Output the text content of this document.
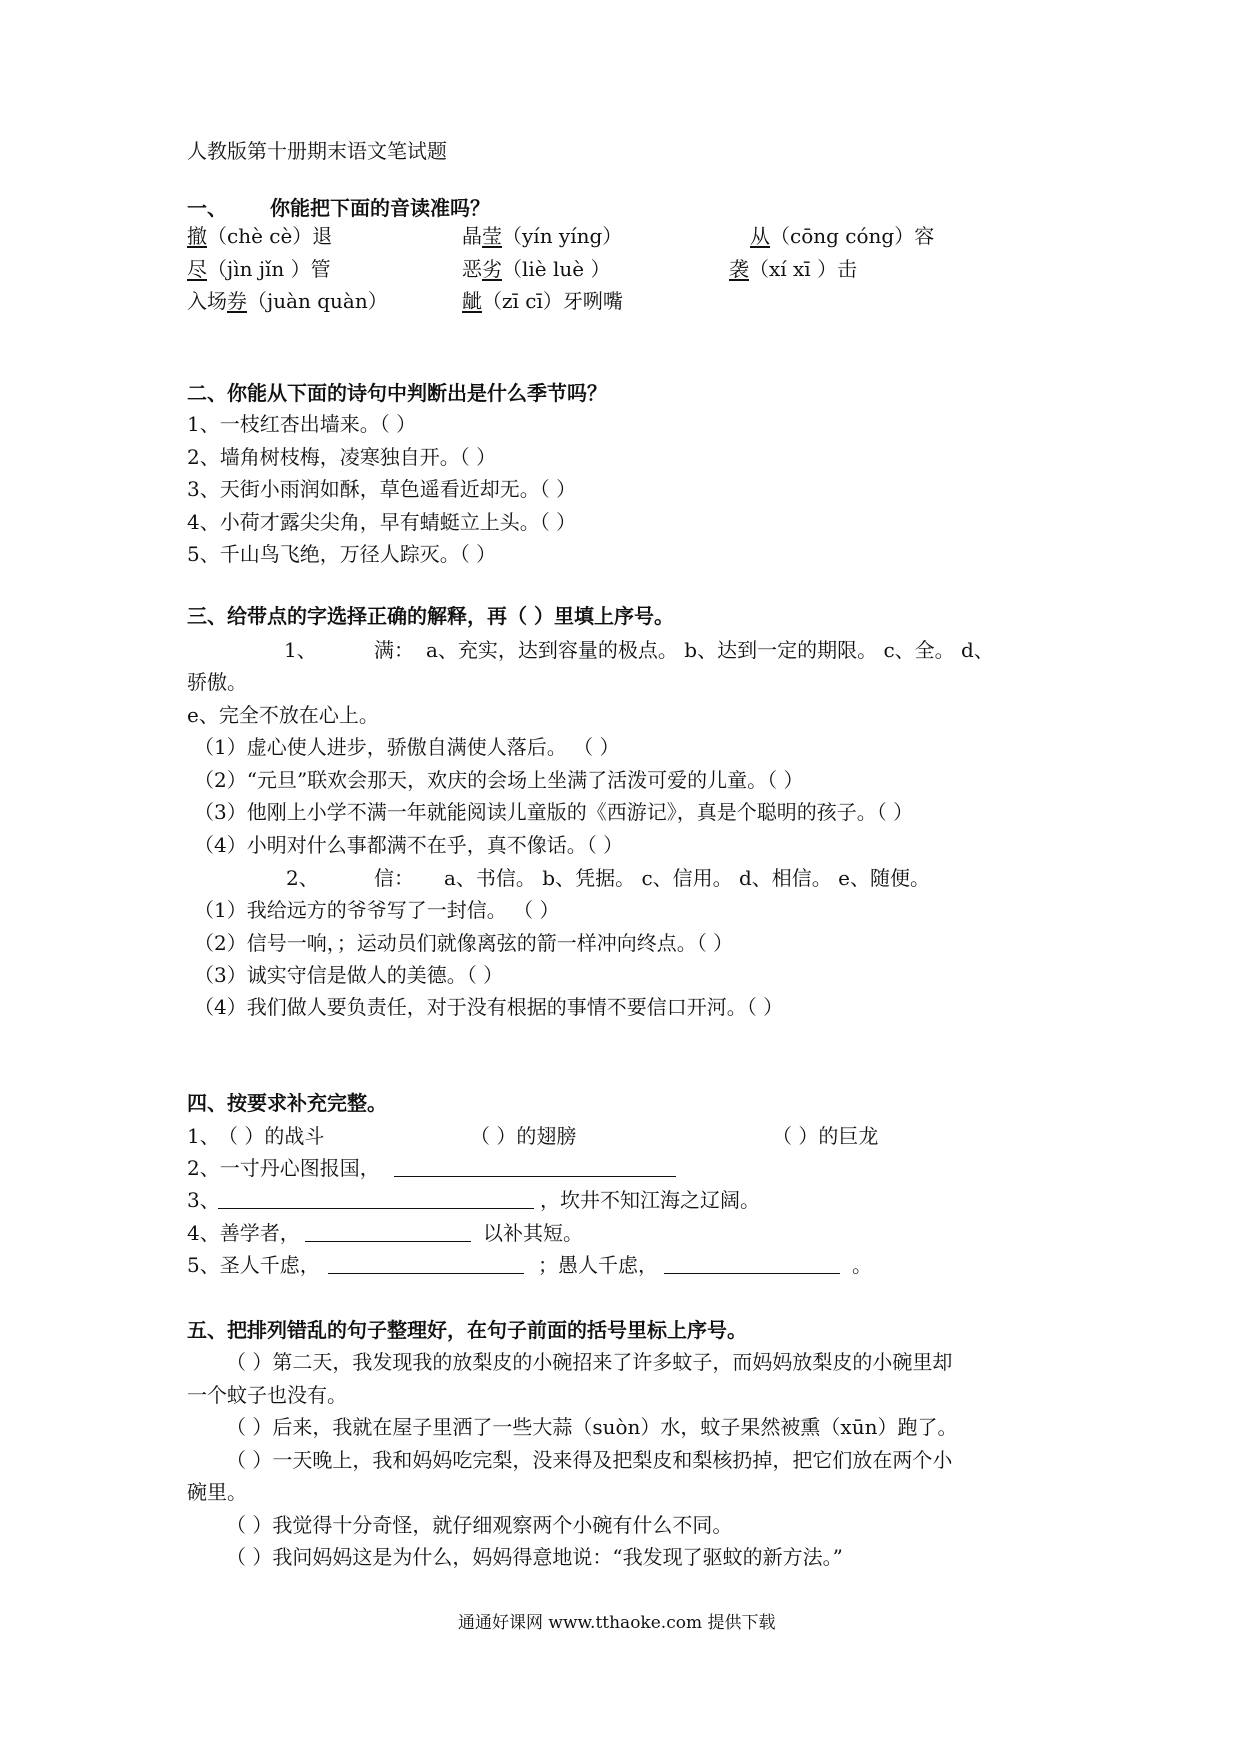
人教版第十册期末语文笔试题
一、 你能把下面的音读准吗？
撤（chè cè）退	晶莹（yín yíng）	从（cōng cóng）容
尽（jìn jǐn ）管	恶劣（liè luè ）	袭（xí xī ）击
入场券（juàn quàn）	龇（zī cī）牙咧嘴
二、你能从下面的诗句中判断出是什么季节吗？
1、一枝红杏出墙来。（ ）
2、墙角树枝梅，凌寒独自开。（ ）
3、天街小雨润如酥，草色遥看近却无。（ ）
4、小荷才露尖尖角，早有蜻蜓立上头。（ ）
5、千山鸟飞绝，万径人踪灭。（ ）
三、给带点的字选择正确的解释，再（ ）里填上序号。
1、	满： a、充实，达到容量的极点。 b、达到一定的期限。 c、全。 d、
骄傲。
e、完全不放在心上。
（1）虚心使人进步，骄傲自满使人落后。 （ ）
（2）“元旦”联欢会那天，欢庆的会场上坐满了活泼可爱的儿童。（ ）
（3）他刚上小学不满一年就能阅读儿童版的《西游记》，真是个聪明的孩子。（ ）
（4）小明对什么事都满不在乎，真不像话。（ ）
2、	信： a、书信。 b、凭据。 c、信用。 d、相信。 e、随便。
（1）我给远方的爷爷写了一封信。 （ ）
（2）信号一响，；运动员们就像离弦的箭一样冲向终点。（ ）
（3）诚实守信是做人的美德。（ ）
（4）我们做人要负责任，对于没有根据的事情不要信口开河。（ ）
四、按要求补充完整。
1、
（ ）的战斗	（ ）的翅膀	（ ）的巨龙
2、一寸丹心图报国，
3、	，坎井不知江海之辽阔。
4、善学者，	以补其短。
5、圣人千虑，	；愚人千虑，	。
五、把排列错乱的句子整理好，在句子前面的括号里标上序号。
（ ）第二天，我发现我的放梨皮的小碗招来了许多蚊子，而妈妈放梨皮的小碗里却
一个蚊子也没有。
（ ）后来，我就在屋子里洒了一些大蒜（suòn）水，蚊子果然被熏（xūn）跑了。
（ ）一天晚上，我和妈妈吃完梨，没来得及把梨皮和梨核扔掉，把它们放在两个小
碗里。
（ ）我觉得十分奇怪，就仔细观察两个小碗有什么不同。
（ ）我问妈妈这是为什么，妈妈得意地说：“我发现了驱蚊的新方法。”
通通好课网 www.tthaoke.com 提供下载
